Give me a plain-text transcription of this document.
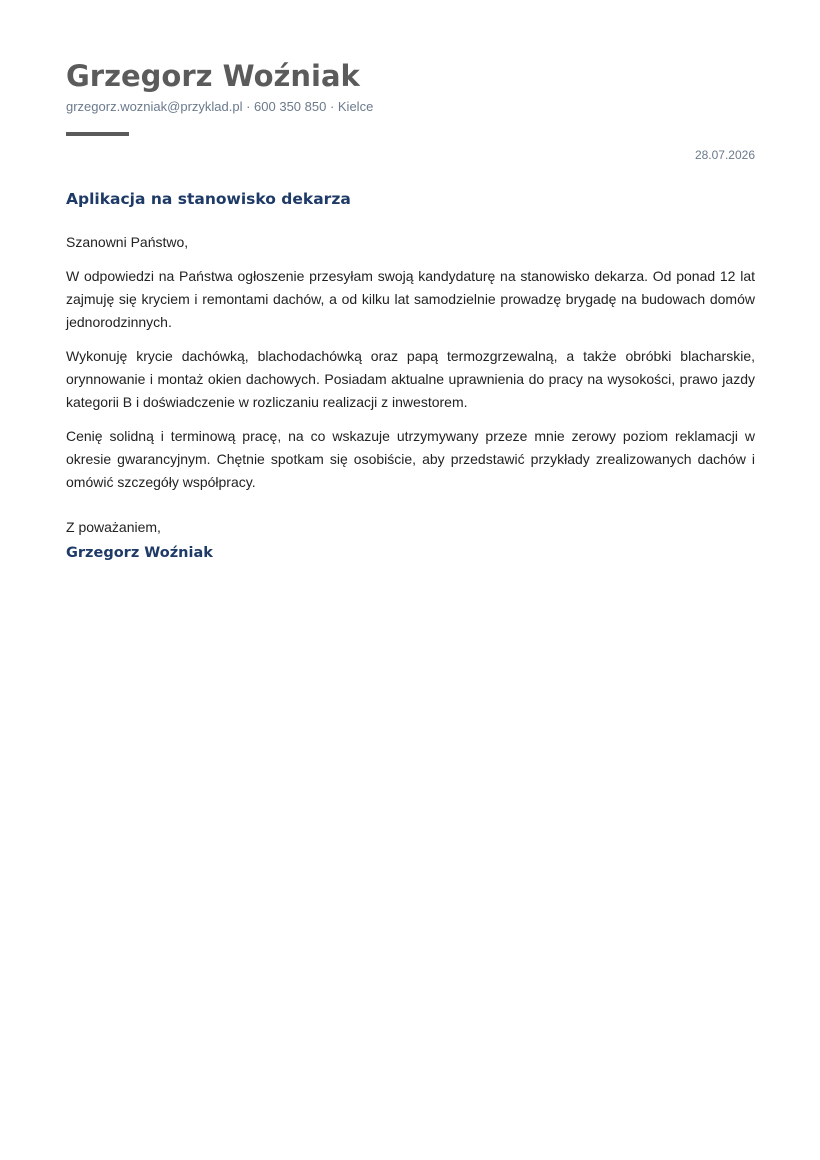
Grzegorz Woźniak
grzegorz.wozniak@przyklad.pl · 600 350 850 · Kielce
28.07.2026
Aplikacja na stanowisko dekarza
Szanowni Państwo,

W odpowiedzi na Państwa ogłoszenie przesyłam swoją kandydaturę na stanowisko dekarza. Od ponad 12 lat zajmuję się kryciem i remontami dachów, a od kilku lat samodzielnie prowadzę brygadę na budowach domów jednorodzinnych.

Wykonuję krycie dachówką, blachodachówką oraz papą termozgrzewalną, a także obróbki blacharskie, orynnowanie i montaż okien dachowych. Posiadam aktualne uprawnienia do pracy na wysokości, prawo jazdy kategorii B i doświadczenie w rozliczaniu realizacji z inwestorem.

Cenię solidną i terminową pracę, na co wskazuje utrzymywany przeze mnie zerowy poziom reklamacji w okresie gwarancyjnym. Chętnie spotkam się osobiście, aby przedstawić przykłady zrealizowanych dachów i omówić szczegóły współpracy.

Z poważaniem,
Grzegorz Woźniak
